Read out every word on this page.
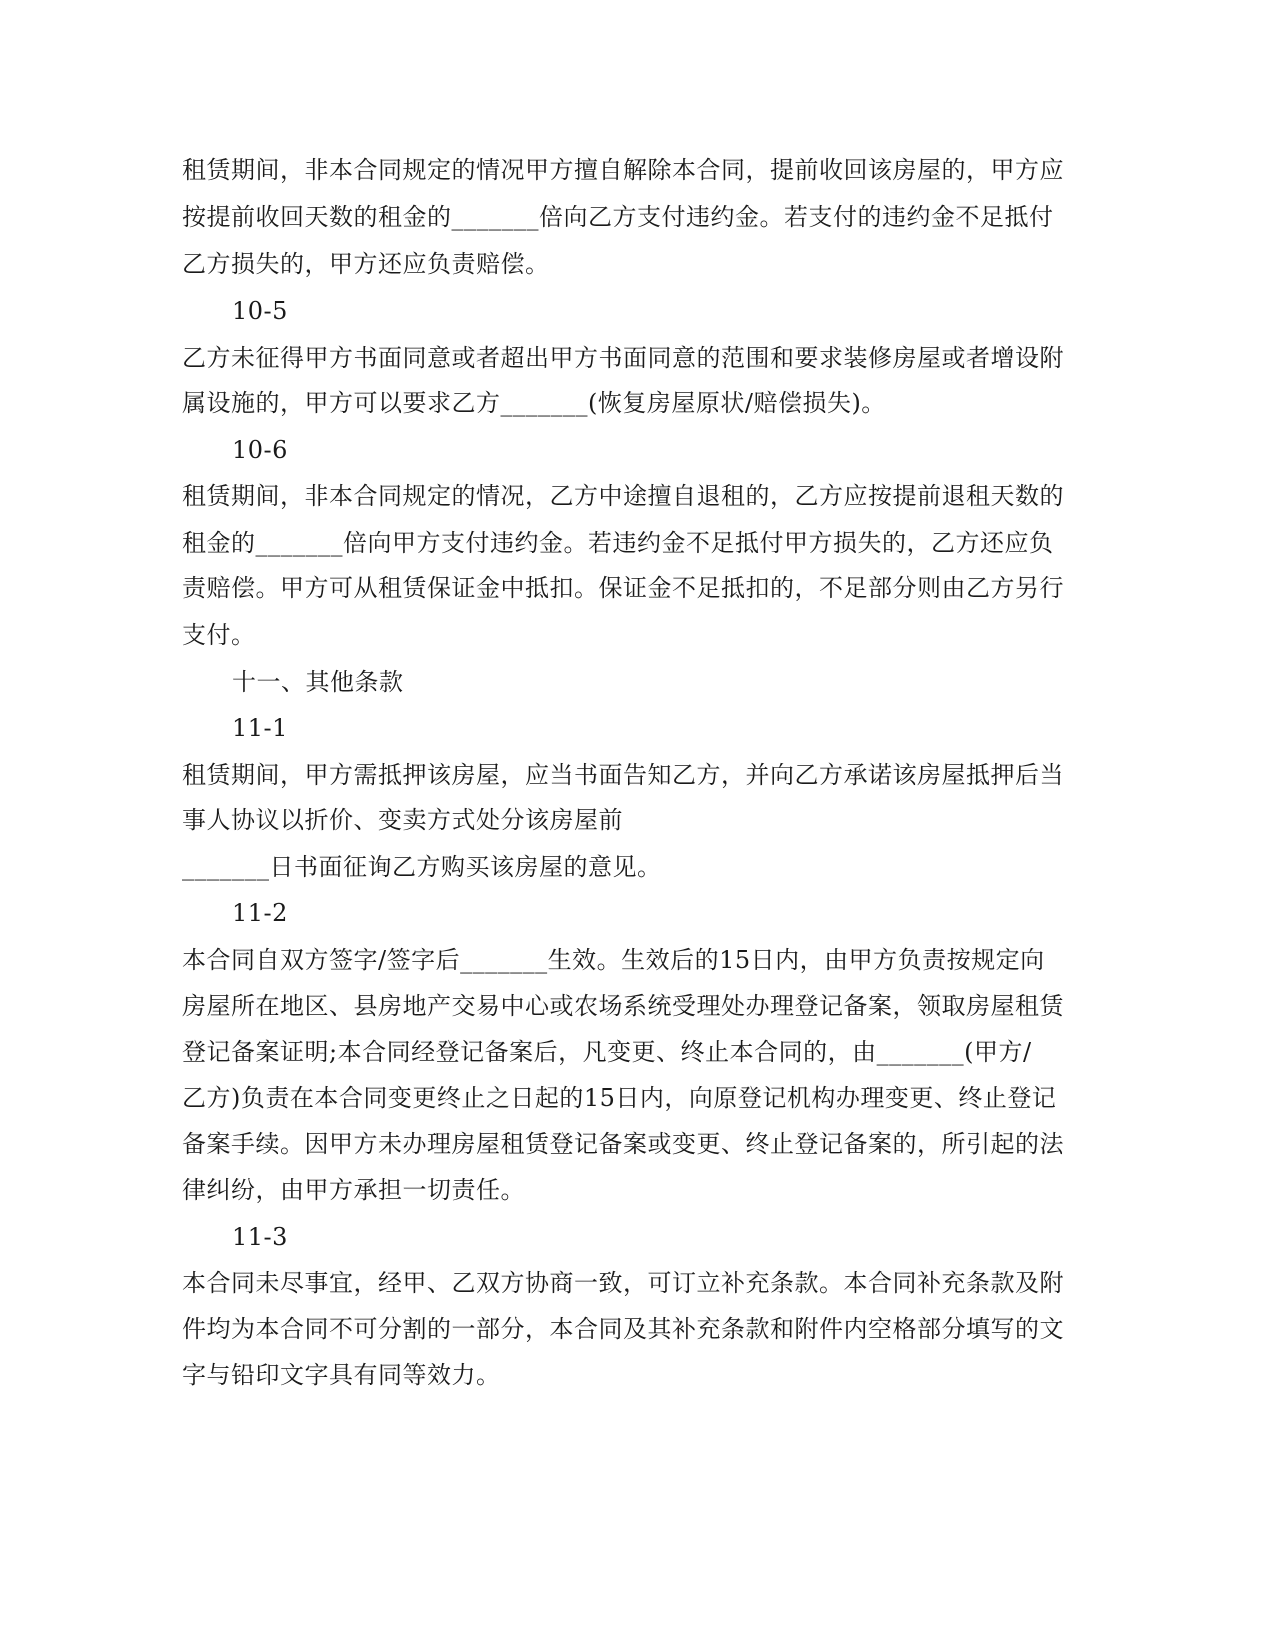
租赁期间，非本合同规定的情况甲方擅自解除本合同，提前收回该房屋的，甲方应
按提前收回天数的租金的_______倍向乙方支付违约金。若支付的违约金不足抵付
乙方损失的，甲方还应负责赔偿。
10-5
乙方未征得甲方书面同意或者超出甲方书面同意的范围和要求装修房屋或者增设附
属设施的，甲方可以要求乙方_______(恢复房屋原状/赔偿损失)。
10-6
租赁期间，非本合同规定的情况，乙方中途擅自退租的，乙方应按提前退租天数的
租金的_______倍向甲方支付违约金。若违约金不足抵付甲方损失的，乙方还应负
责赔偿。甲方可从租赁保证金中抵扣。保证金不足抵扣的，不足部分则由乙方另行
支付。
十一、其他条款
11-1
租赁期间，甲方需抵押该房屋，应当书面告知乙方，并向乙方承诺该房屋抵押后当
事人协议以折价、变卖方式处分该房屋前
_______日书面征询乙方购买该房屋的意见。
11-2
本合同自双方签字/签字后_______生效。生效后的15日内，由甲方负责按规定向
房屋所在地区、县房地产交易中心或农场系统受理处办理登记备案，领取房屋租赁
登记备案证明;本合同经登记备案后，凡变更、终止本合同的，由_______(甲方/
乙方)负责在本合同变更终止之日起的15日内，向原登记机构办理变更、终止登记
备案手续。因甲方未办理房屋租赁登记备案或变更、终止登记备案的，所引起的法
律纠纷，由甲方承担一切责任。
11-3
本合同未尽事宜，经甲、乙双方协商一致，可订立补充条款。本合同补充条款及附
件均为本合同不可分割的一部分，本合同及其补充条款和附件内空格部分填写的文
字与铅印文字具有同等效力。
